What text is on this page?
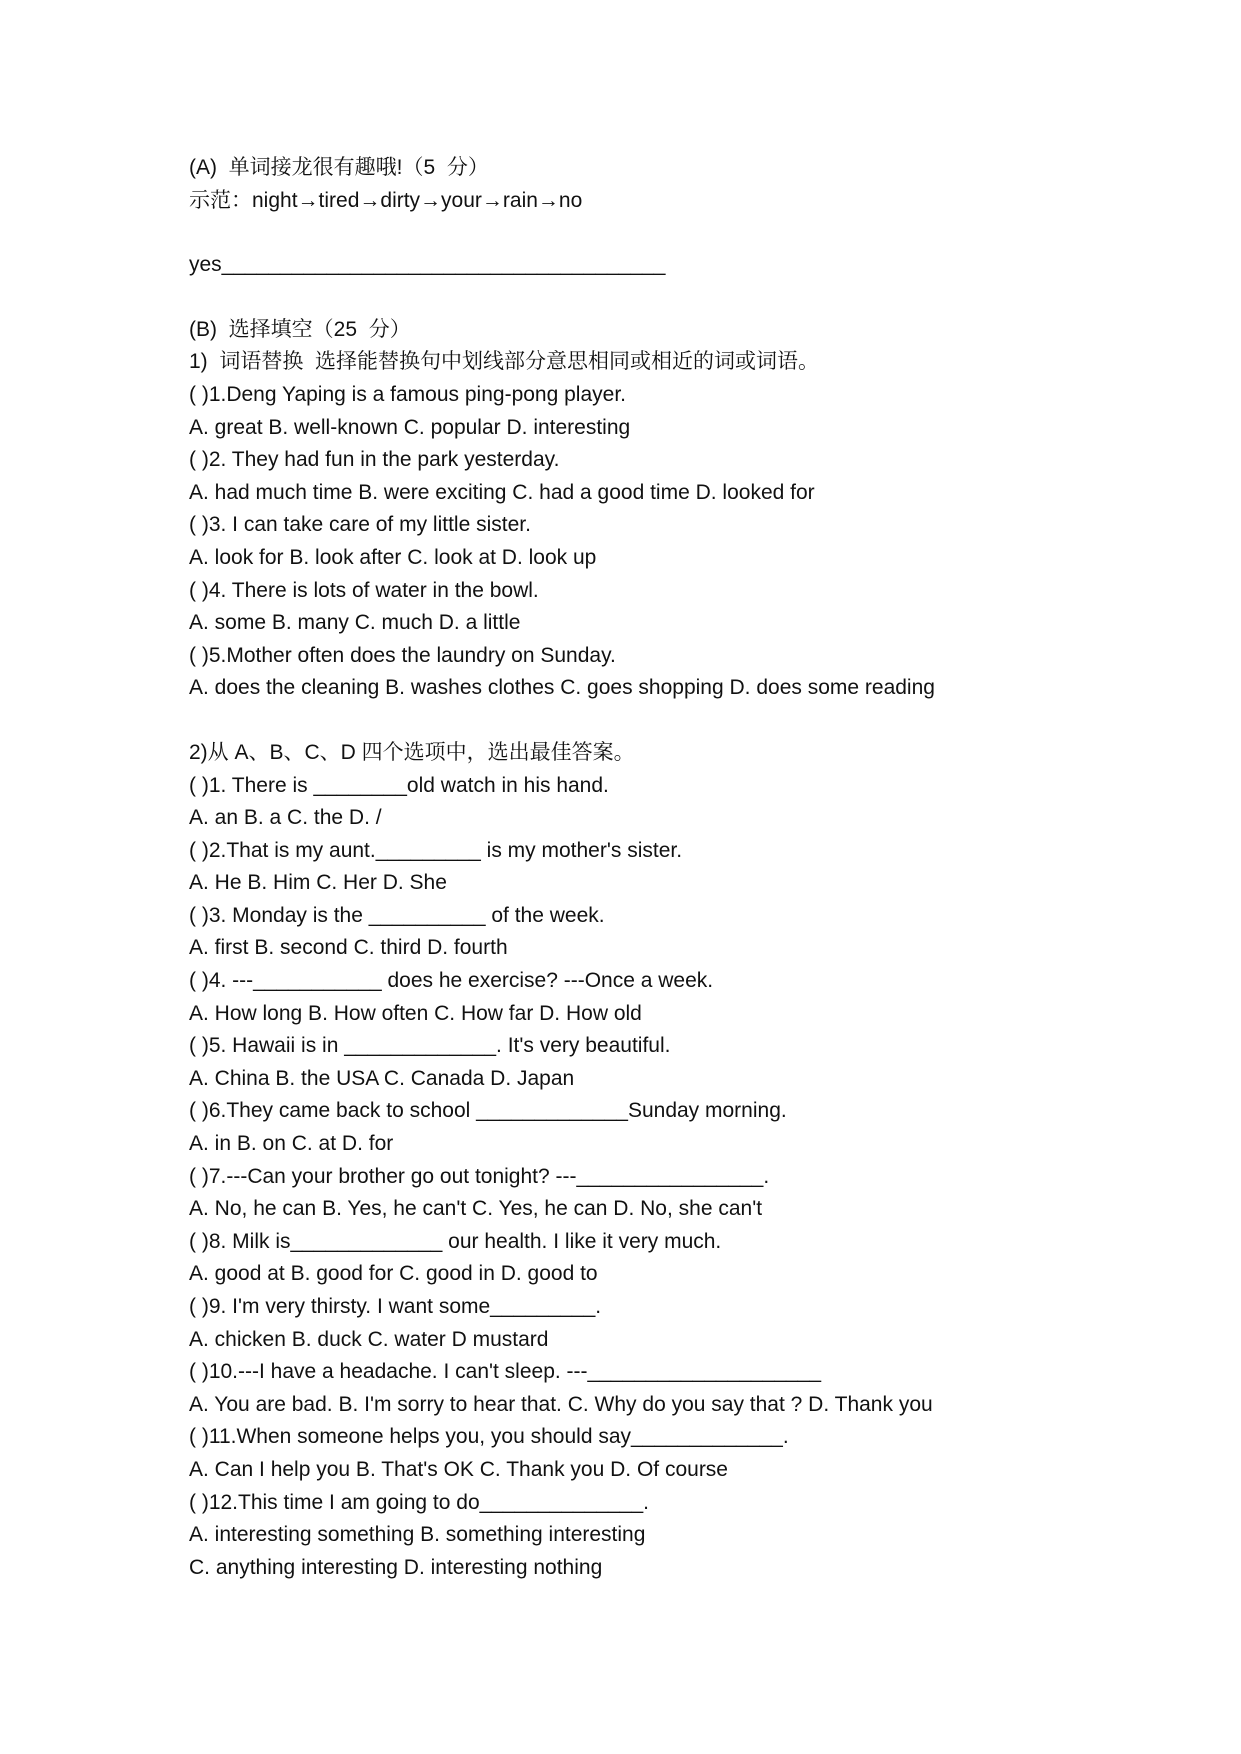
(A)  单词接龙很有趣哦!（5  分）
示范：night→tired→dirty→your→rain→no
yes______________________________________
(B)  选择填空（25  分）
1)  词语替换  选择能替换句中划线部分意思相同或相近的词或词语。
( )1.Deng Yaping is a famous ping-pong player.
A. great B. well-known C. popular D. interesting
( )2. They had fun in the park yesterday.
A. had much time B. were exciting C. had a good time D. looked for
( )3. I can take care of my little sister.
A. look for B. look after C. look at D. look up
( )4. There is lots of water in the bowl.
A. some B. many C. much D. a little
( )5.Mother often does the laundry on Sunday.
A. does the cleaning B. washes clothes C. goes shopping D. does some reading
2)从 A、B、C、D 四个选项中，选出最佳答案。
( )1. There is ________old watch in his hand.
A. an B. a C. the D. /
( )2.That is my aunt._________ is my mother's sister.
A. He B. Him C. Her D. She
( )3. Monday is the __________ of the week.
A. first B. second C. third D. fourth
( )4. ---___________ does he exercise? ---Once a week.
A. How long B. How often C. How far D. How old
( )5. Hawaii is in _____________. It's very beautiful.
A. China B. the USA C. Canada D. Japan
( )6.They came back to school _____________Sunday morning.
A. in B. on C. at D. for
( )7.---Can your brother go out tonight? ---________________.
A. No, he can B. Yes, he can't C. Yes, he can D. No, she can't
( )8. Milk is_____________ our health. I like it very much.
A. good at B. good for C. good in D. good to
( )9. I'm very thirsty. I want some_________.
A. chicken B. duck C. water D mustard
( )10.---I have a headache. I can't sleep. ---____________________
A. You are bad. B. I'm sorry to hear that. C. Why do you say that ? D. Thank you
( )11.When someone helps you, you should say_____________.
A. Can I help you B. That's OK C. Thank you D. Of course
( )12.This time I am going to do______________.
A. interesting something B. something interesting
C. anything interesting D. interesting nothing
